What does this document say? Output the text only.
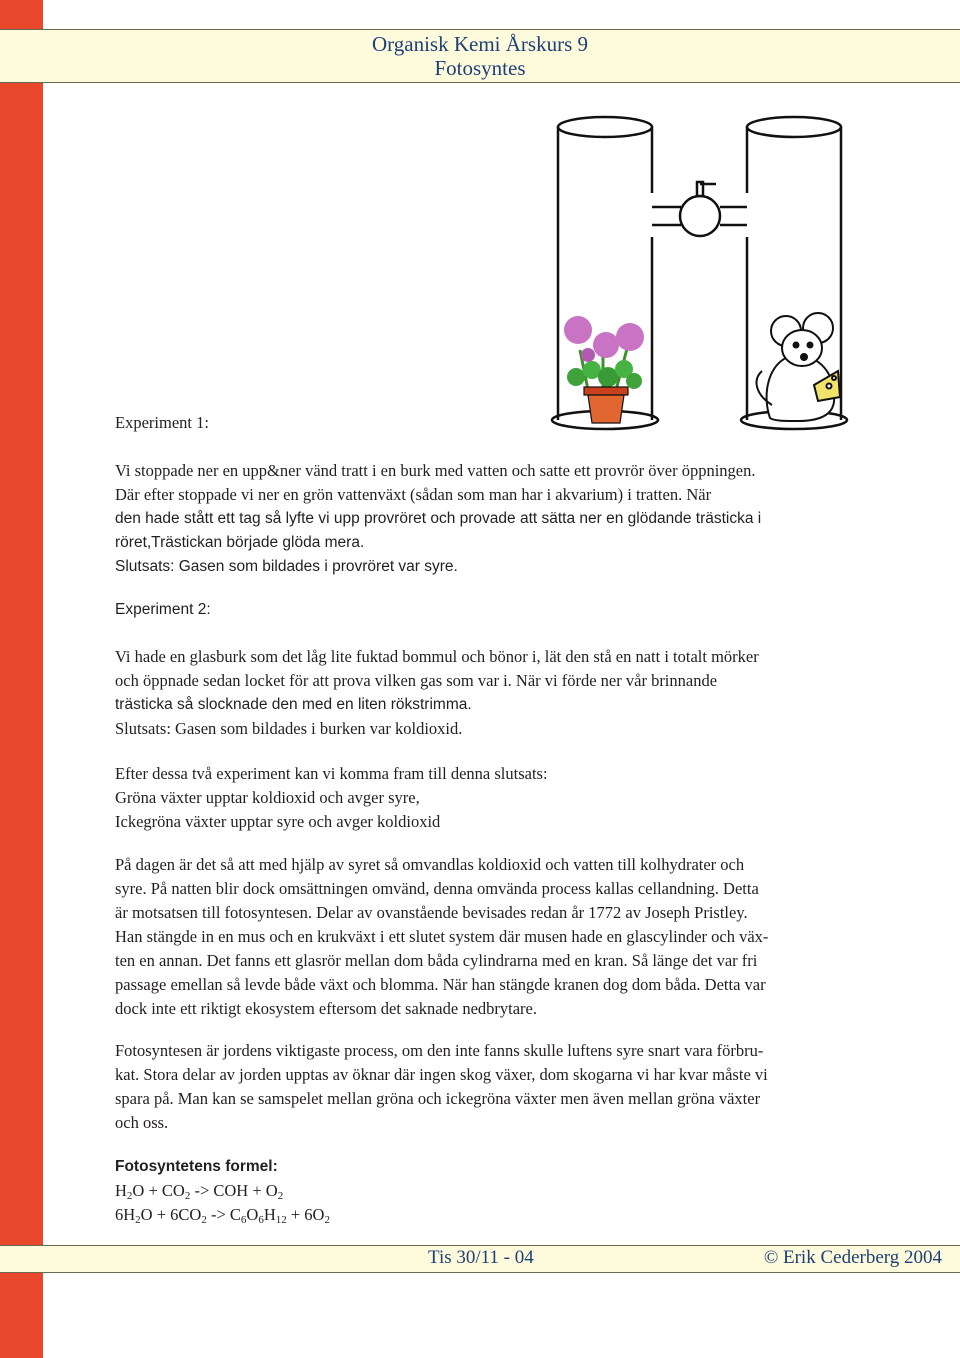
Organisk Kemi Årskurs 9
Fotosyntes

Experiment 1:

Vi stoppade ner en upp&ner vänd tratt i en burk med vatten och satte ett provrör över öppningen.

Där efter stoppade vi ner en grön vattenväxt (sådan som man har i akvarium) i tratten. När

den hade stått ett tag så lyfte vi upp provröret och provade att sätta ner en glödande trästicka i

röret,Trästickan började glöda mera.

Slutsats: Gasen som bildades i provröret var syre.

Experiment 2:

Vi hade en glasburk som det låg lite fuktad bommul och bönor i, lät den stå en natt i totalt mörker

och öppnade sedan locket för att prova vilken gas som var i. När vi förde ner vår brinnande

trästicka så slocknade den med en liten rökstrimma.

Slutsats: Gasen som bildades i burken var koldioxid.

Efter dessa två experiment kan vi komma fram till denna slutsats:

Gröna växter upptar koldioxid och avger syre,

Ickegröna växter upptar syre och avger koldioxid

På dagen är det så att med hjälp av syret så omvandlas koldioxid och vatten till kolhydrater och

syre. På natten blir dock omsättningen omvänd, denna omvända process kallas cellandning. Detta

är motsatsen till fotosyntesen. Delar av ovanstående bevisades redan år 1772 av Joseph Pristley.

Han stängde in en mus och en krukväxt i ett slutet system där musen hade en glascylinder och väx-

ten en annan. Det fanns ett glasrör mellan dom båda cylindrarna med en kran. Så länge det var fri

passage emellan så levde både växt och blomma. När han stängde kranen dog dom båda. Detta var

dock inte ett riktigt ekosystem eftersom det saknade nedbrytare.

Fotosyntesen är jordens viktigaste process, om den inte fanns skulle luftens syre snart vara förbru-

kat. Stora delar av jorden upptas av öknar där ingen skog växer, dom skogarna vi har kvar måste vi

spara på. Man kan se samspelet mellan gröna och ickegröna växter men även mellan gröna växter

och oss.

Fotosyntetens formel:

$H_2O + CO_2$ -> COH + $O_2$

$6H_2O + 6CO_2 -> C_6O_6H_{12} + 6O_2$

Tis 30/11 - 04	© Erik Cederberg 2004
